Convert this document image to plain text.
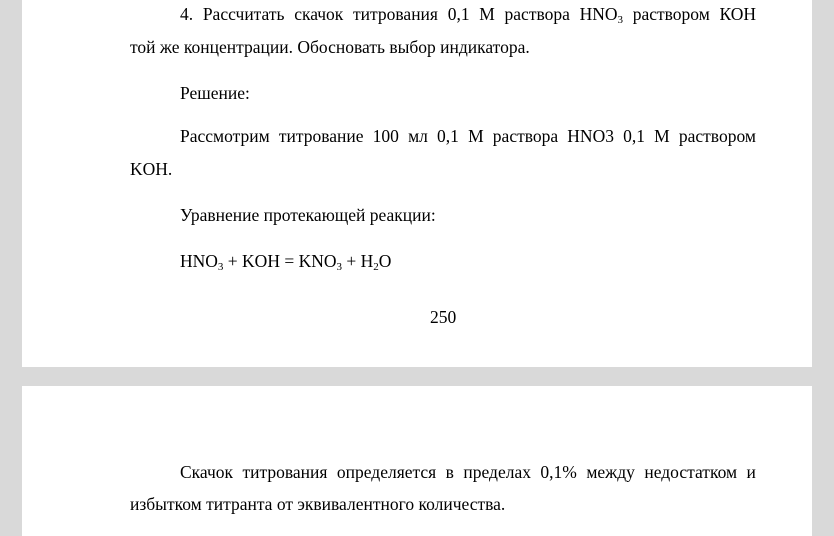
4. Рассчитать скачок титрования 0,1 М раствора $HNO_3$ раствором КОН
той же концентрации. Обосновать выбор индикатора.
Решение:
Рассмотрим титрование 100 мл 0,1 М раствора HNO3 0,1 М раствором
KOH.
Уравнение протекающей реакции:
$HNO_3$ + KOH = $KNO_3 + H_2O$
250
Скачок титрования определяется в пределах 0,1% между недостатком и
избытком титранта от эквивалентного количества.
